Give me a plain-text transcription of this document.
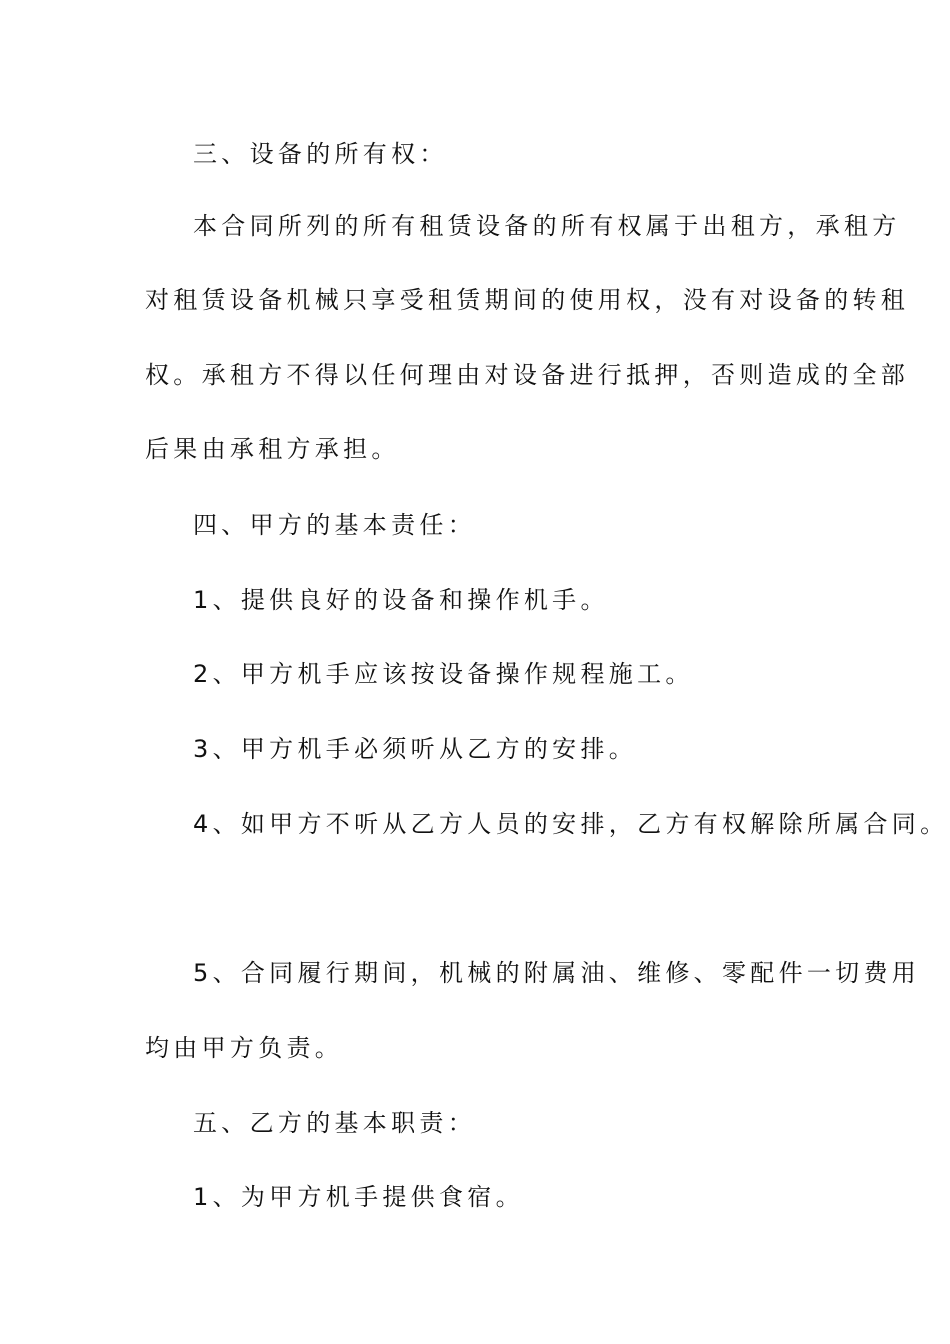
三、设备的所有权：

本合同所列的所有租赁设备的所有权属于出租方，承租方

对租赁设备机械只享受租赁期间的使用权，没有对设备的转租

权。承租方不得以任何理由对设备进行抵押，否则造成的全部

后果由承租方承担。

四、甲方的基本责任：

1、提供良好的设备和操作机手。

2、甲方机手应该按设备操作规程施工。

3、甲方机手必须听从乙方的安排。

4、如甲方不听从乙方人员的安排，乙方有权解除所属合同。

5、合同履行期间，机械的附属油、维修、零配件一切费用

均由甲方负责。

五、乙方的基本职责：

1、为甲方机手提供食宿。
